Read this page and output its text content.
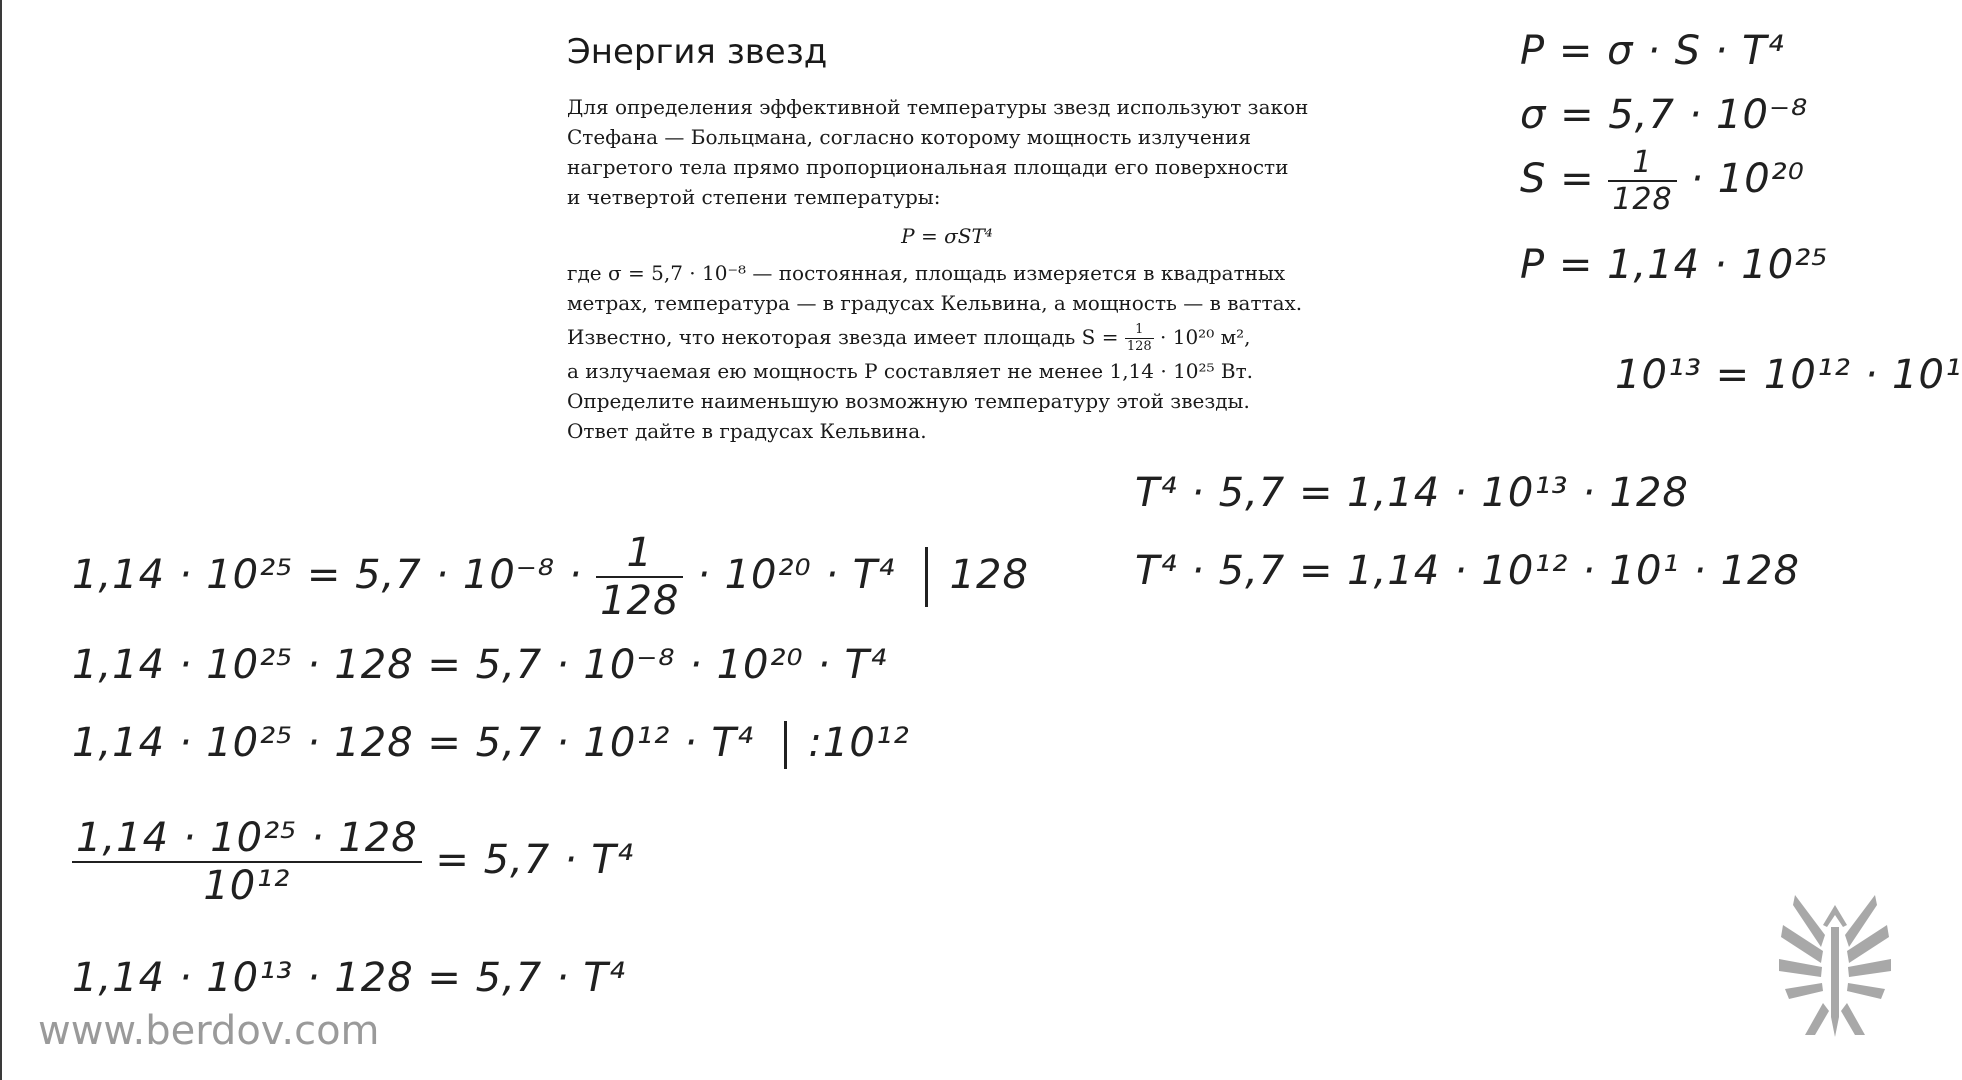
Энергия звезд

Для определения эффективной температуры звезд используют закон

Стефана — Больцмана, согласно которому мощность излучения

нагретого тела прямо пропорциональная площади его поверхности

и четвертой степени температуры:

P = σST⁴

где σ = 5,7 · 10⁻⁸ — постоянная, площадь измеряется в квадратных

метрах, температура — в градусах Кельвина, а мощность — в ваттах.

Известно, что некоторая звезда имеет площадь $S = \frac{1}{128} \cdot 10^{20}$ м²,

а излучаемая ею мощность P составляет не менее 1,14 · 10²⁵ Вт.

Определите наименьшую возможную температуру этой звезды.

Ответ дайте в градусах Кельвина.

P = σ · S · T⁴
σ = 5,7 · 10⁻⁸
$S = \frac{1}{128} \cdot 10^{20}$
P = 1,14 · 10²⁵
10¹³ = 10¹² · 10¹
T⁴ · 5,7 = 1,14 · 10¹³ · 128
T⁴ · 5,7 = 1,14 · 10¹² · 10¹ · 128
$1,14 \cdot 10^{25} = 5,7 \cdot 10^{-8} \cdot \frac{1}{128} \cdot 10^{20} \cdot T^4$ 128
1,14 · 10²⁵ · 128 = 5,7 · 10⁻⁸ · 10²⁰ · T⁴
1,14 · 10²⁵ · 128 = 5,7 · 10¹² · T⁴ :10¹²
$\frac{\text{1,14 · 10²⁵ · 128}}{\text{10¹²}} = 5,7 \cdot T^4$
1,14 · 10¹³ · 128 = 5,7 · T⁴
www.berdov.com
